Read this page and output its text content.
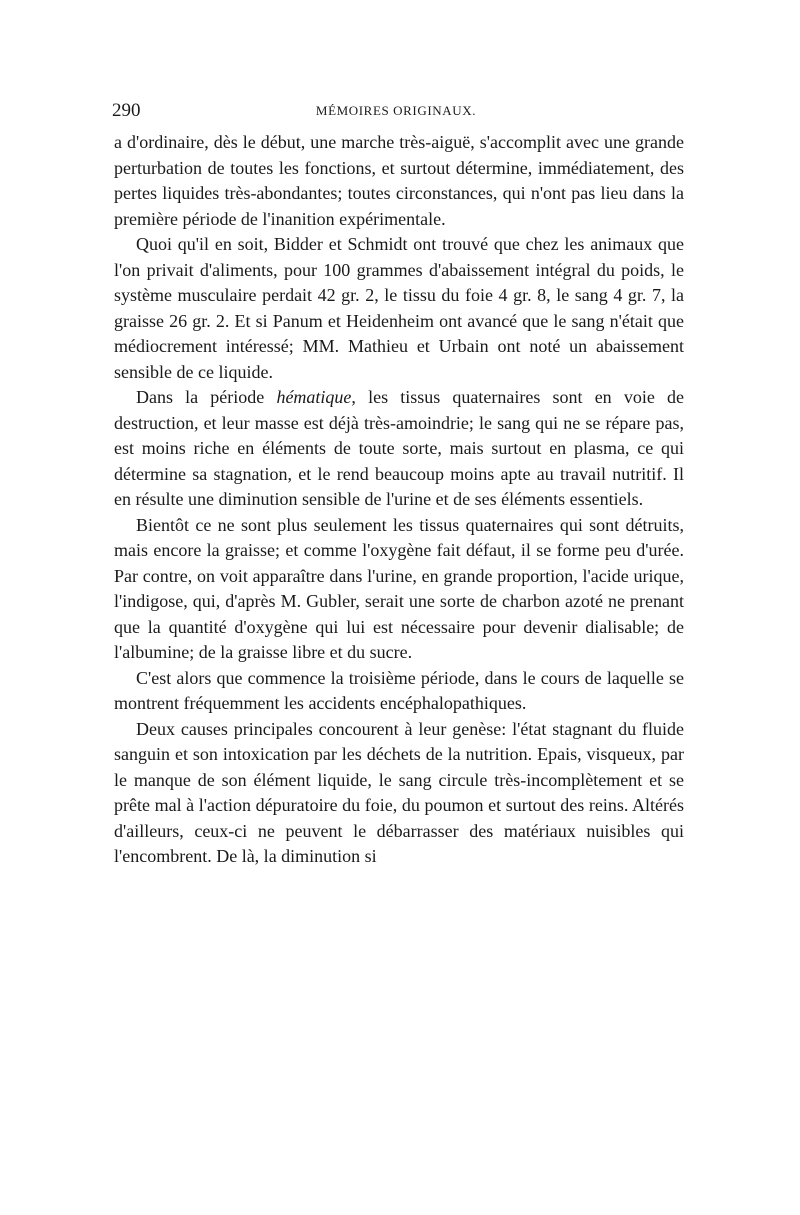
290	MÉMOIRES ORIGINAUX.

a d'ordinaire, dès le début, une marche très-aiguë, s'accomplit avec une grande perturbation de toutes les fonctions, et surtout détermine, immédiatement, des pertes liquides très-abondantes; toutes circonstances, qui n'ont pas lieu dans la première période de l'inanition expérimentale.

Quoi qu'il en soit, Bidder et Schmidt ont trouvé que chez les animaux que l'on privait d'aliments, pour 100 grammes d'abaissement intégral du poids, le système musculaire perdait 42 gr. 2, le tissu du foie 4 gr. 8, le sang 4 gr. 7, la graisse 26 gr. 2. Et si Panum et Heidenheim ont avancé que le sang n'était que médiocrement intéressé; MM. Mathieu et Urbain ont noté un abaissement sensible de ce liquide.

Dans la période hématique, les tissus quaternaires sont en voie de destruction, et leur masse est déjà très-amoindrie; le sang qui ne se répare pas, est moins riche en éléments de toute sorte, mais surtout en plasma, ce qui détermine sa stagnation, et le rend beaucoup moins apte au travail nutritif. Il en résulte une diminution sensible de l'urine et de ses éléments essentiels.

Bientôt ce ne sont plus seulement les tissus quaternaires qui sont détruits, mais encore la graisse; et comme l'oxygène fait défaut, il se forme peu d'urée. Par contre, on voit apparaître dans l'urine, en grande proportion, l'acide urique, l'indigose, qui, d'après M. Gubler, serait une sorte de charbon azoté ne prenant que la quantité d'oxygène qui lui est nécessaire pour devenir dialisable; de l'albumine; de la graisse libre et du sucre.

C'est alors que commence la troisième période, dans le cours de laquelle se montrent fréquemment les accidents encéphalopathiques.

Deux causes principales concourent à leur genèse: l'état stagnant du fluide sanguin et son intoxication par les déchets de la nutrition. Epais, visqueux, par le manque de son élément liquide, le sang circule très-incomplètement et se prête mal à l'action dépuratoire du foie, du poumon et surtout des reins. Altérés d'ailleurs, ceux-ci ne peuvent le débarrasser des matériaux nuisibles qui l'encombrent. De là, la diminution si
